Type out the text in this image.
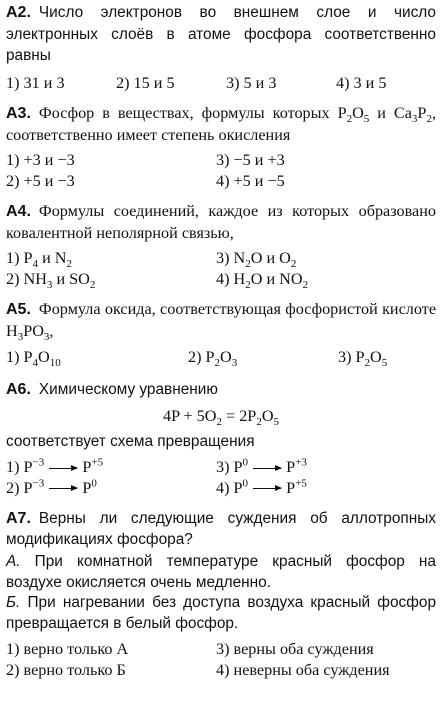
А2. Число электронов во внешнем слое и число электронных слоёв в атоме фосфора соответственно равны
1) 31 и 3	2) 15 и 5	3) 5 и 3	4) 3 и 5
А3. Фосфор в веществах, формулы которых $P_2O_5$ и $Ca_3P_2$, соответственно имеет степень окисления
1) +3 и −3	3) −5 и +3
2) +5 и −3	4) +5 и −5
А4. Формулы соединений, каждое из которых образовано ковалентной неполярной связью,
1) $P_4$ и $N_2$	3) $N_2O$ и $O_2$
2) $NH_3$ и $SO_2$	4) $H_2O$ и $NO_2$
А5. Формула оксида, соответствующая фосфористой кислоте $H_3PO_3$,
1) $P_4O_{10}$	2) $P_2O_3$	3) $P_2O_5$
А6. Химическому уравнению
$4P + 5O_2 = 2P_2O_5$
соответствует схема превращения
1) $P^{-3} \to P^{+5}$	3) $P^0 \to P^{+3}$
2) $P^{-3} \to P^0$	4) $P^0 \to P^{+5}$
А7. Верны ли следующие суждения об аллотропных модификациях фосфора?
А. При комнатной температуре красный фосфор на воздухе окисляется очень медленно.
Б. При нагревании без доступа воздуха красный фосфор превращается в белый фосфор.
1) верно только А	3) верны оба суждения
2) верно только Б	4) неверны оба суждения
